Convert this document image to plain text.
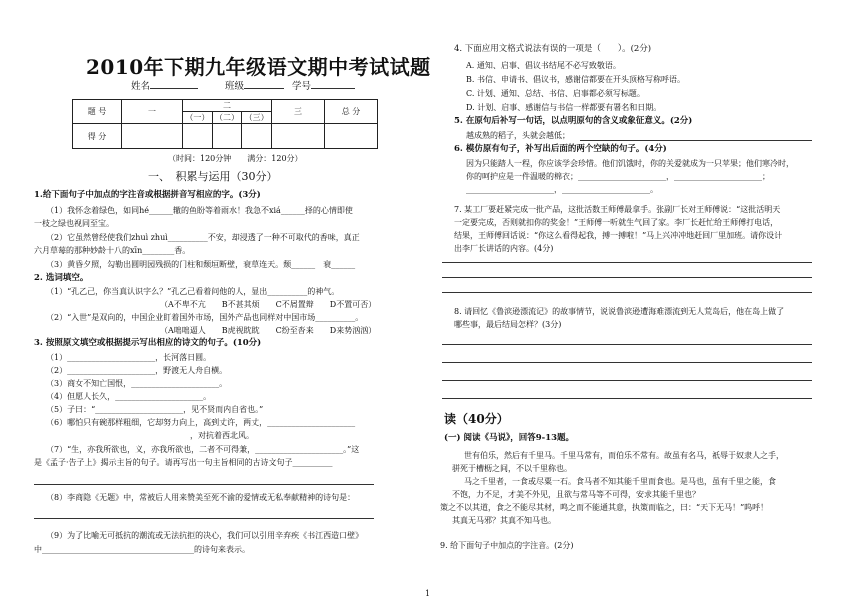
2010年下期九年级语文期中考试试题
姓名	班级	学号
题 号	一	二			三	总 分
		（一）	（二）	（三）		
得 分						
（时间：120分钟　　满分：120分）
一、　积累与运用（30分）
1.给下面句子中加点的字注音或根据拼音写相应的字。(3分)
（1）我怀念着绿色，如同hé______辙的鱼盼等着雨水！我急不xiá______择的心情即使
一枝之绿也视同至宝。
（2）它虽然曾经使我们zhuì zhuì__________不安，却浸透了一种不可取代的香味，真正
六月草莓的那种妙龄十八的xīn________香。
（3）黄昏夕照，勾勒出圆明园残损的门柱和颓垣断壁，衰草连天。颓______　衰______
2. 选词填空。
（1）“孔乙己，你当真认识字么？”孔乙己看着问他的人，显出__________的神气。
（A不卑不亢　　B不甚其烦　　C不屑置辩　　D不置可否）
（2）“入世”是双向的，中国企业盯着国外市场，国外产品也同样对中国市场__________。
（A咄咄逼人　　B虎视眈眈　　C纷至沓来　　D来势汹汹）
3. 按照原文填空或根据提示写出相应的诗文的句子。(10分)
（1）______________________，长河落日圆。
（2）______________________，野渡无人舟自横。
（3）商女不知亡国恨，______________________。
（4）但愿人长久，______________________。
（5）子曰：“______________________，见不贤而内自省也。”
（6）哪怕只有碗那样粗细，它却努力向上，高到丈许，两丈，______________________
，对抗着西北风。
（7）“生，亦我所欲也，义，亦我所欲也，二者不可得兼，______________________。”这
是《孟子·告子上》揭示主旨的句子。请再写出一句主旨相同的古诗文句子__________
（8）李商隐《无题》中，常被后人用来赞美至死不渝的爱情或无私奉献精神的诗句是：
（9）为了比喻无可抵抗的潮流或无法抗拒的决心，我们可以引用辛弃疾《书江西造口壁》
中______________________________________的诗句来表示。
4. 下面应用文格式说法有误的一项是（　　）。(2分)
A. 通知、启事、倡议书结尾不必写致敬语。
B. 书信、申请书、倡议书，感谢信都要在开头顶格写称呼语。
C. 计划、通知、总结、书信、启事都必须写标题。
D. 计划、启事、感谢信与书信一样都要有署名和日期。
5. 在原句后补写一句话，以点明原句的含义或象征意义。(2分)
越成熟的稻子，头就会越低；
6. 模仿原有句子，补写出后面的两个空缺的句子。(4分)
因为只能踏人一程，你应该学会珍惜。他们饥饿时，你的关爱就成为一只苹果；他们寒冷时，
你的呵护应是一件温暖的棉衣；______________________，______________________；
______________________，______________________。
7. 某工厂要赶紧完成一批产品，这批活数王师傅最拿手。张副厂长对王师傅说：“这批活明天
一定要完成，否则就扣你的奖金！”王师傅一听就生气回了家。李厂长赶忙给王师傅打电话，
结果，王师傅回话说：“你这么看得起我，搏一搏啦！”马上兴冲冲地赶回厂里加班。请你设计
出李厂长讲话的内容。(4分)
8. 请回忆《鲁滨逊漂流记》的故事情节，说说鲁滨逊遭海难漂流到无人荒岛后，他在岛上做了
哪些事，最后结局怎样？(3分)
读（40分）
(一) 阅读《马说》，回答9-13题。
世有伯乐，然后有千里马。千里马常有，而伯乐不常有。故虽有名马，祇辱于奴隶人之手，
骈死于槽枥之间，不以千里称也。
马之千里者，一食或尽粟一石。食马者不知其能千里而食也。是马也，虽有千里之能，食
不饱，力不足，才美不外见，且欲与常马等不可得，安求其能千里也？
策之不以其道，食之不能尽其材，鸣之而不能通其意，执策而临之，曰：“天下无马！”呜呼！
其真无马邪？其真不知马也。
9. 给下面句子中加点的字注音。(2分)
1
